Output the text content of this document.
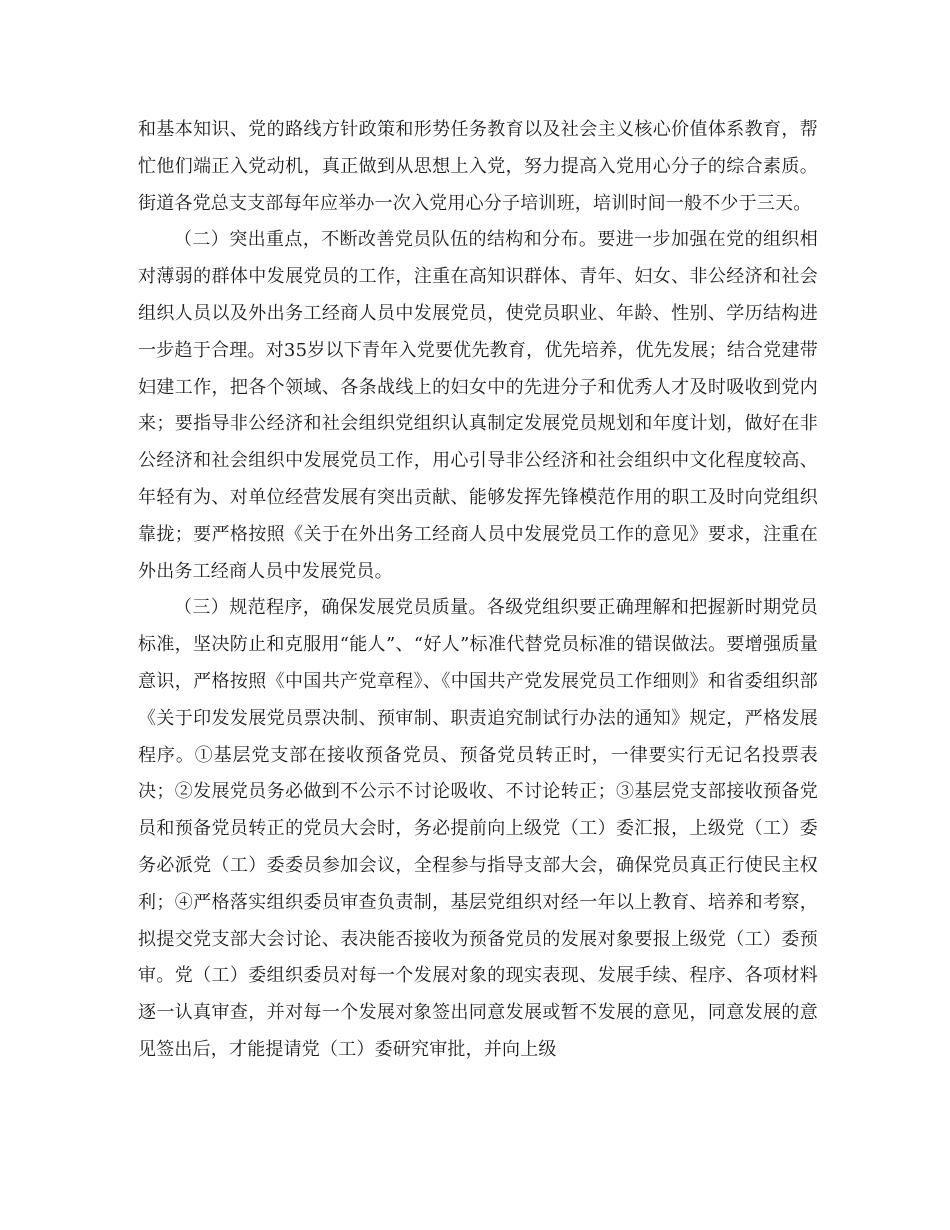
和基本知识、党的路线方针政策和形势任务教育以及社会主义核心价值体系教育，帮忙他们端正入党动机，真正做到从思想上入党，努力提高入党用心分子的综合素质。街道各党总支支部每年应举办一次入党用心分子培训班，培训时间一般不少于三天。

（二）突出重点，不断改善党员队伍的结构和分布。要进一步加强在党的组织相对薄弱的群体中发展党员的工作，注重在高知识群体、青年、妇女、非公经济和社会组织人员以及外出务工经商人员中发展党员，使党员职业、年龄、性别、学历结构进一步趋于合理。对35岁以下青年入党要优先教育，优先培养，优先发展；结合党建带妇建工作，把各个领域、各条战线上的妇女中的先进分子和优秀人才及时吸收到党内来；要指导非公经济和社会组织党组织认真制定发展党员规划和年度计划，做好在非公经济和社会组织中发展党员工作，用心引导非公经济和社会组织中文化程度较高、年轻有为、对单位经营发展有突出贡献、能够发挥先锋模范作用的职工及时向党组织靠拢；要严格按照《关于在外出务工经商人员中发展党员工作的意见》要求，注重在外出务工经商人员中发展党员。

（三）规范程序，确保发展党员质量。各级党组织要正确理解和把握新时期党员标准，坚决防止和克服用“能人”、“好人”标准代替党员标准的错误做法。要增强质量意识，严格按照《中国共产党章程》、《中国共产党发展党员工作细则》和省委组织部《关于印发发展党员票决制、预审制、职责追究制试行办法的通知》规定，严格发展程序。①基层党支部在接收预备党员、预备党员转正时，一律要实行无记名投票表决；②发展党员务必做到不公示不讨论吸收、不讨论转正；③基层党支部接收预备党员和预备党员转正的党员大会时，务必提前向上级党（工）委汇报，上级党（工）委务必派党（工）委委员参加会议，全程参与指导支部大会，确保党员真正行使民主权利；④严格落实组织委员审查负责制，基层党组织对经一年以上教育、培养和考察，拟提交党支部大会讨论、表决能否接收为预备党员的发展对象要报上级党（工）委预审。党（工）委组织委员对每一个发展对象的现实表现、发展手续、程序、各项材料逐一认真审查，并对每一个发展对象签出同意发展或暂不发展的意见，同意发展的意见签出后，才能提请党（工）委研究审批，并向上级
